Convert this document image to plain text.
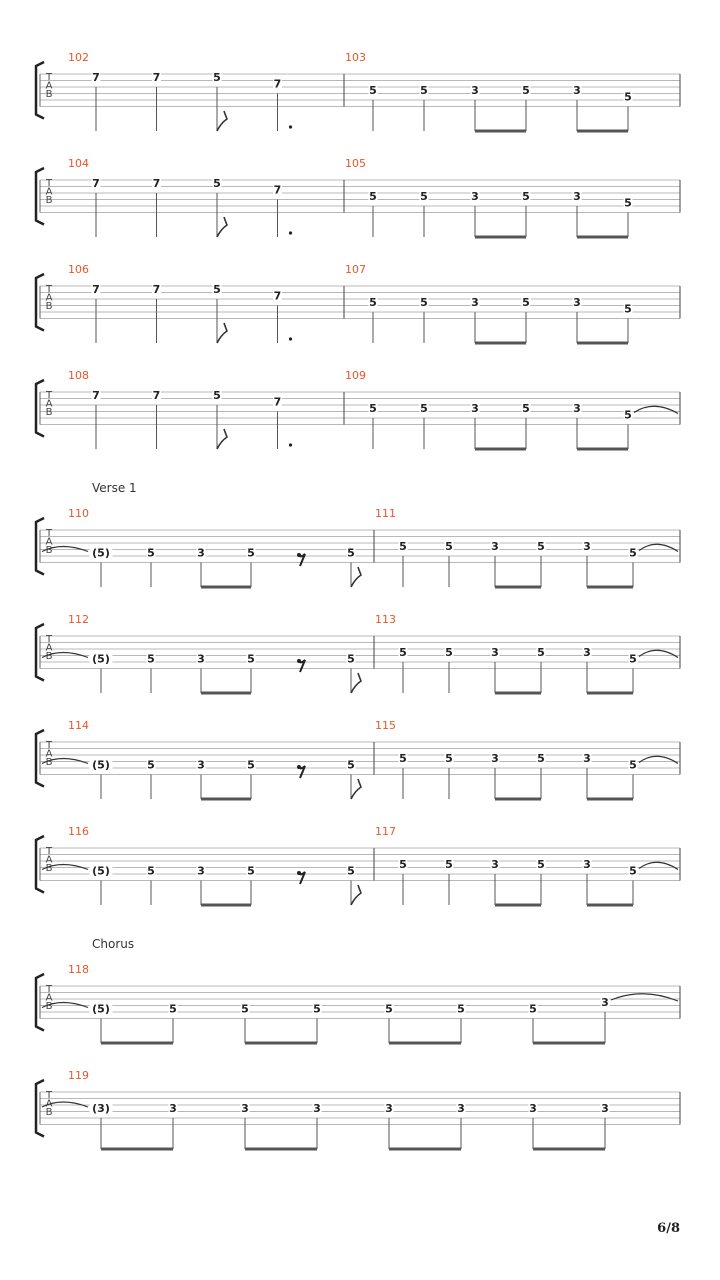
T
A
B
102
7	7	5	7
103
5	5	3	5	3	5
T
A
B
104
7	7	5	7
105
5	5	3	5	3	5
T
A
B
106
7	7	5	7
107
5	5	3	5	3	5
T
A
B
108
7	7	5	7
109
5	5	3	5	3	5
T
A
B
Verse 1
110
(5)	5	3	5	5
111
5	5	3	5	3	5
T
A
B
112
(5)	5	3	5	5
113
5	5	3	5	3	5
T
A
B
114
(5)	5	3	5	5
115
5	5	3	5	3	5
T
A
B
116
(5)	5	3	5	5
117
5	5	3	5	3	5
T
A
B
Chorus
118
(5)	5	5	5	5	5	5	3
T
A
B
119
(3)	3	3	3	3	3	3	3
6/8
